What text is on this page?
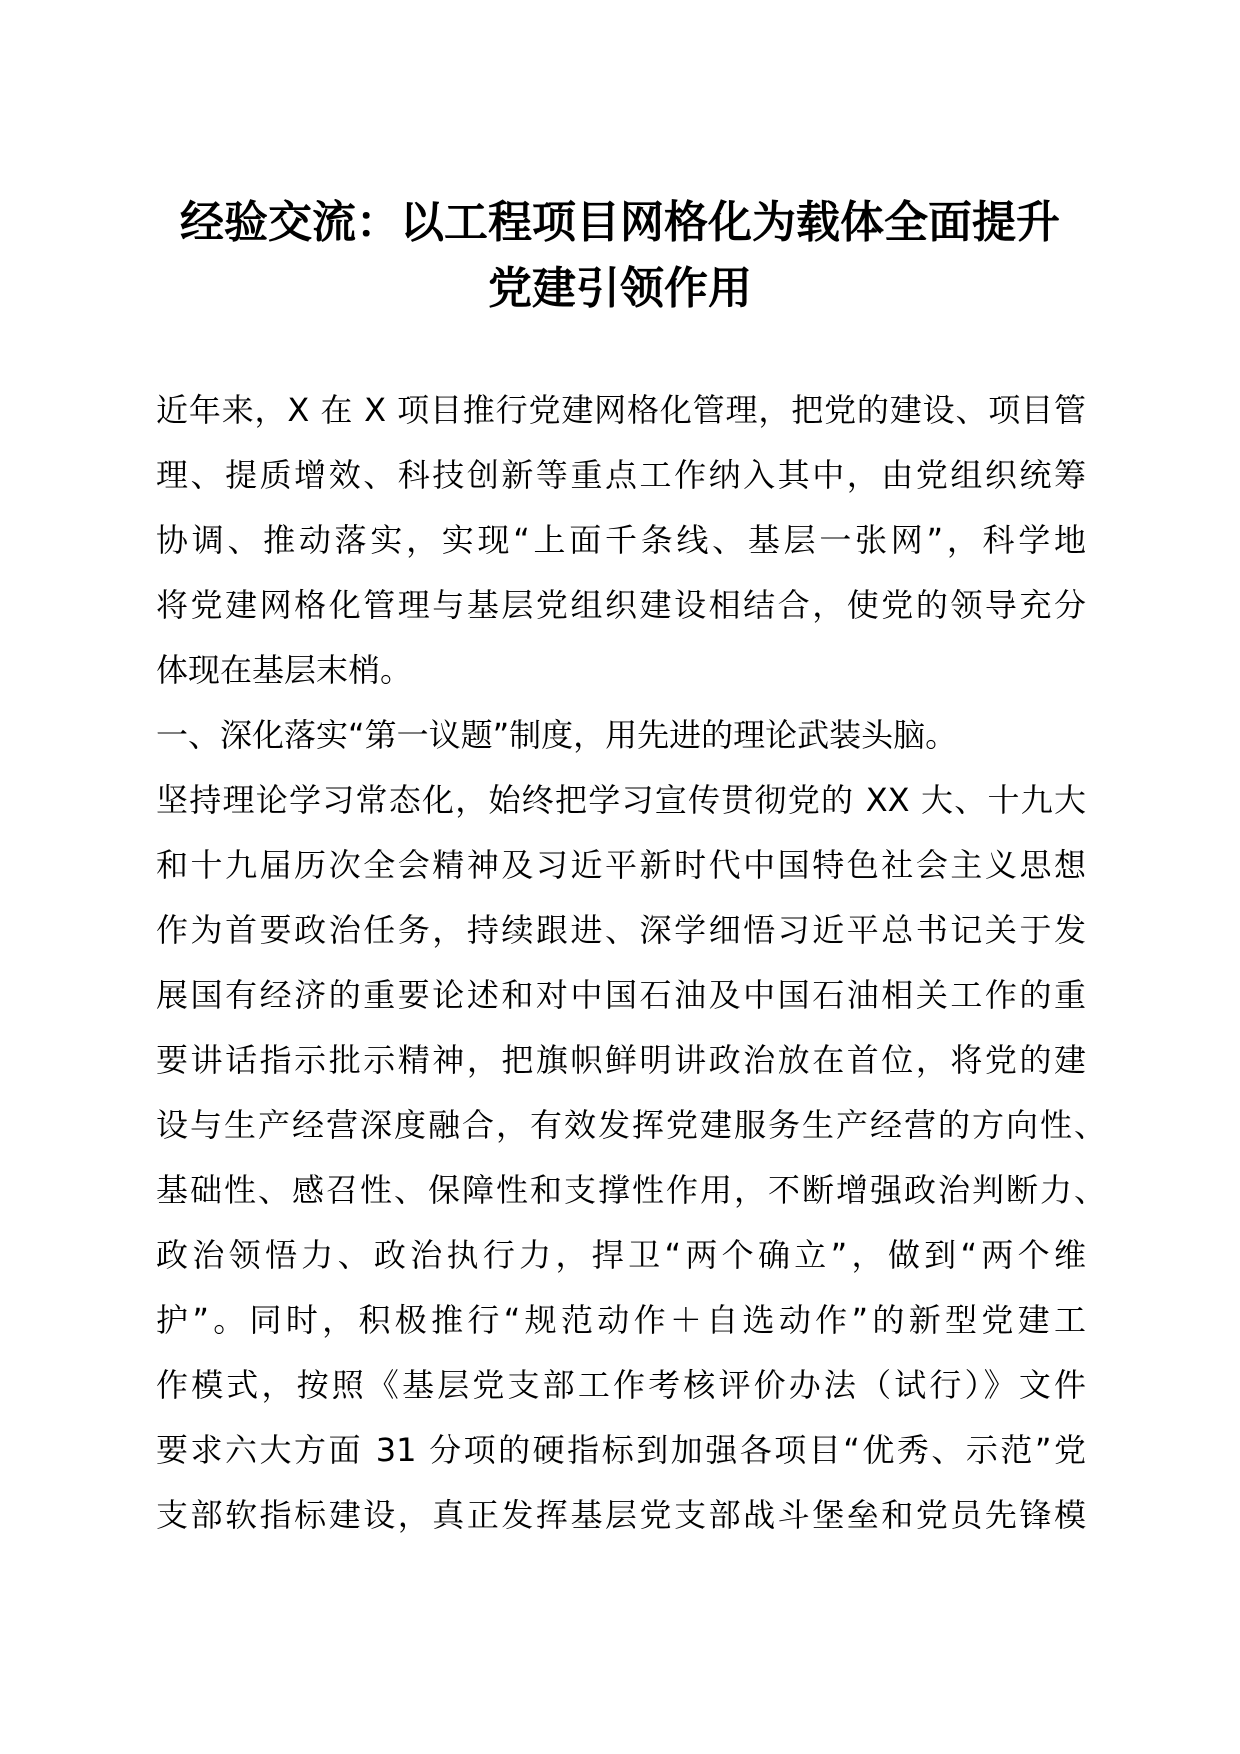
经验交流：以工程项目网格化为载体全面提升
党建引领作用
近年来，X 在 X 项目推行党建网格化管理，把党的建设、项目管
理、提质增效、科技创新等重点工作纳入其中，由党组织统筹
协调、推动落实，实现“上面千条线、基层一张网”，科学地
将党建网格化管理与基层党组织建设相结合，使党的领导充分
体现在基层末梢。
一、深化落实“第一议题”制度，用先进的理论武装头脑。
坚持理论学习常态化，始终把学习宣传贯彻党的 XX 大、十九大
和十九届历次全会精神及习近平新时代中国特色社会主义思想
作为首要政治任务，持续跟进、深学细悟习近平总书记关于发
展国有经济的重要论述和对中国石油及中国石油相关工作的重
要讲话指示批示精神，把旗帜鲜明讲政治放在首位，将党的建
设与生产经营深度融合，有效发挥党建服务生产经营的方向性、
基础性、感召性、保障性和支撑性作用，不断增强政治判断力、
政治领悟力、政治执行力，捍卫“两个确立”，做到“两个维
护”。同时，积极推行“规范动作＋自选动作”的新型党建工
作模式，按照《基层党支部工作考核评价办法（试行）》文件
要求六大方面 31 分项的硬指标到加强各项目“优秀、示范”党
支部软指标建设，真正发挥基层党支部战斗堡垒和党员先锋模
